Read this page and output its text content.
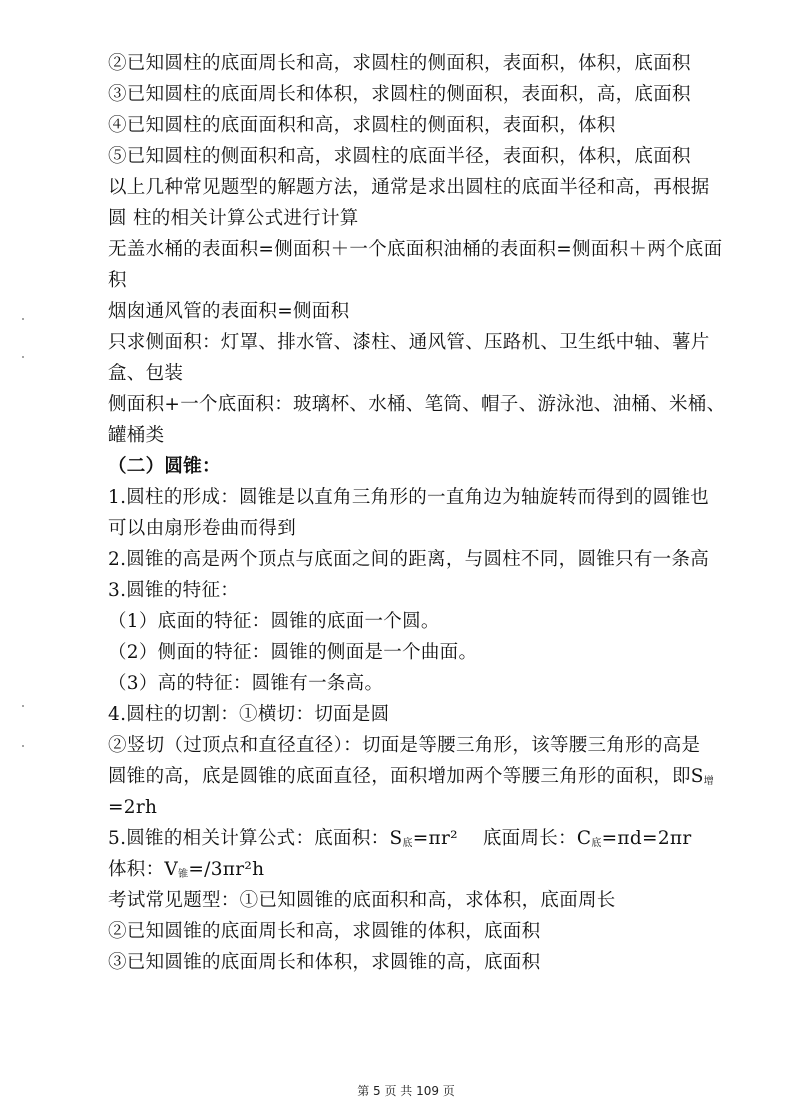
②已知圆柱的底面周长和高，求圆柱的侧面积，表面积，体积，底面积
③已知圆柱的底面周长和体积，求圆柱的侧面积，表面积，高，底面积
④已知圆柱的底面面积和高，求圆柱的侧面积，表面积，体积
⑤已知圆柱的侧面积和高，求圆柱的底面半径，表面积，体积，底面积
以上几种常见题型的解题方法，通常是求出圆柱的底面半径和高，再根据
圆 柱的相关计算公式进行计算
无盖水桶的表面积=侧面积＋一个底面积油桶的表面积=侧面积＋两个底面
积
烟囱通风管的表面积=侧面积
只求侧面积：灯罩、排水管、漆柱、通风管、压路机、卫生纸中轴、薯片
盒、包装
侧面积+一个底面积：玻璃杯、水桶、笔筒、帽子、游泳池、油桶、米桶、
罐桶类
（二）圆锥：
1.圆柱的形成：圆锥是以直角三角形的一直角边为轴旋转而得到的圆锥也
可以由扇形卷曲而得到
2.圆锥的高是两个顶点与底面之间的距离，与圆柱不同，圆锥只有一条高
3.圆锥的特征：
（1）底面的特征：圆锥的底面一个圆。
（2）侧面的特征：圆锥的侧面是一个曲面。
（3）高的特征：圆锥有一条高。
4.圆柱的切割：①横切：切面是圆
②竖切（过顶点和直径直径）：切面是等腰三角形，该等腰三角形的高是
圆锥的高，底是圆锥的底面直径，面积增加两个等腰三角形的面积，即$S_增$
=2rh
5.圆锥的相关计算公式：底面积：$S_底=\pi r^2$　 底面周长：$C_底=\pi d=2\pi r$
体积：$V_锥=/3\pi r^2h$
考试常见题型：①已知圆锥的底面积和高，求体积，底面周长
②已知圆锥的底面周长和高，求圆锥的体积，底面积
③已知圆锥的底面周长和体积，求圆锥的高，底面积
第 5 页 共 109 页
